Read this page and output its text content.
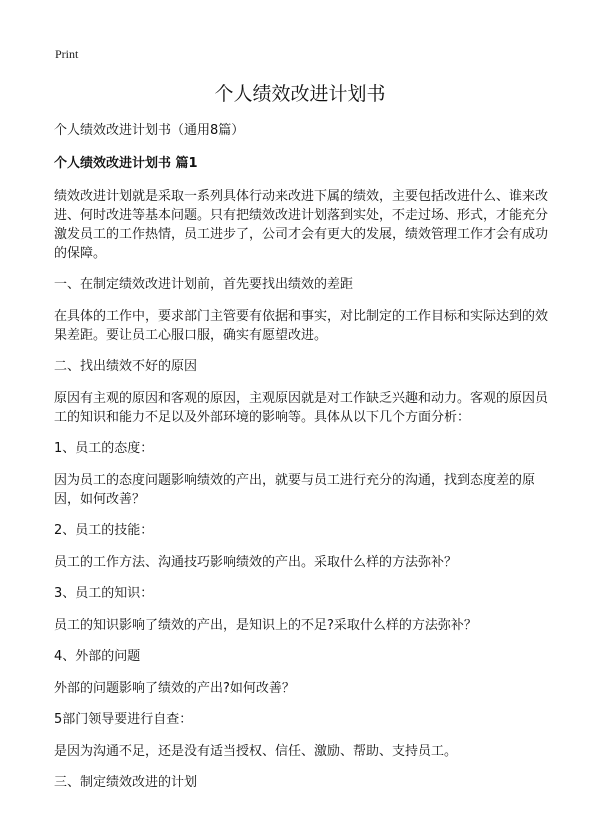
Print
个人绩效改进计划书

个人绩效改进计划书（通用8篇）

个人绩效改进计划书 篇1

绩效改进计划就是采取一系列具体行动来改进下属的绩效，主要包括改进什么、谁来改进、何时改进等基本问题。只有把绩效改进计划落到实处，不走过场、形式，才能充分激发员工的工作热情，员工进步了，公司才会有更大的发展，绩效管理工作才会有成功的保障。

一、在制定绩效改进计划前，首先要找出绩效的差距

在具体的工作中，要求部门主管要有依据和事实，对比制定的工作目标和实际达到的效果差距。要让员工心服口服，确实有愿望改进。

二、找出绩效不好的原因

原因有主观的原因和客观的原因，主观原因就是对工作缺乏兴趣和动力。客观的原因员工的知识和能力不足以及外部环境的影响等。具体从以下几个方面分析：

1、员工的态度：

因为员工的态度问题影响绩效的产出，就要与员工进行充分的沟通，找到态度差的原因，如何改善？

2、员工的技能：

员工的工作方法、沟通技巧影响绩效的产出。采取什么样的方法弥补？

3、员工的知识：

员工的知识影响了绩效的产出，是知识上的不足?采取什么样的方法弥补？

4、外部的问题

外部的问题影响了绩效的产出?如何改善？

5部门领导要进行自查：

是因为沟通不足，还是没有适当授权、信任、激励、帮助、支持员工。

三、制定绩效改进的计划
